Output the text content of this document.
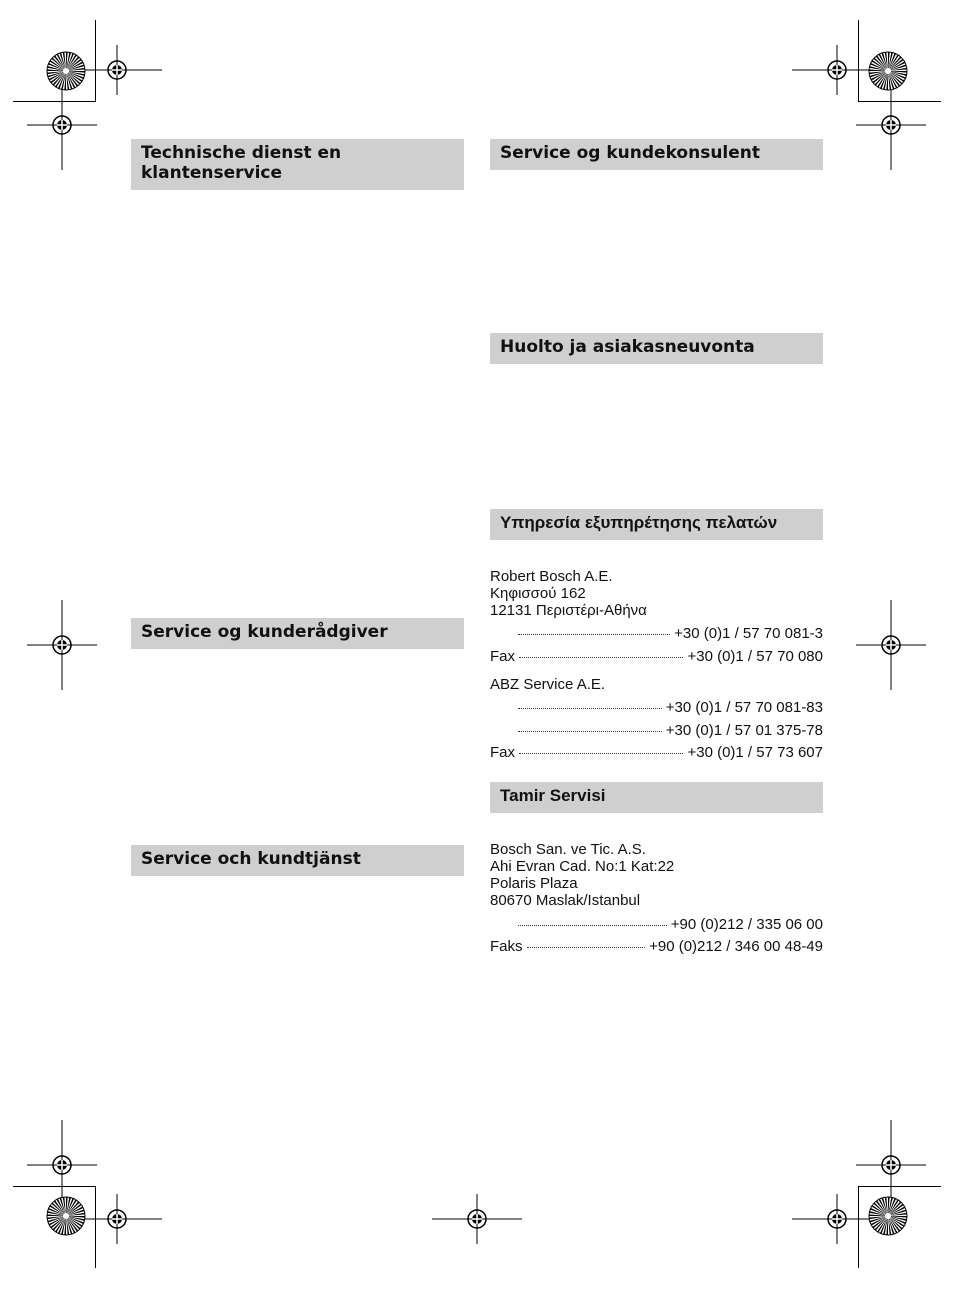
Technische dienst en klantenservice
Service og kundekonsulent
Huolto ja asiakasneuvonta
Υπηρεσία εξυπηρέτησης πελατών
Service og kunderådgiver
Service och kundtjänst
Tamir Servisi
Robert Bosch A.E.
Κηφισσού 162
12131 Περιστέρι-Αθήνα
+30 (0)1 / 57 70 081-3
Fax	+30 (0)1 / 57 70 080
ABZ Service A.E.
+30 (0)1 / 57 70 081-83
+30 (0)1 / 57 01 375-78
Fax	+30 (0)1 / 57 73 607
Bosch San. ve Tic. A.S.
Ahi Evran Cad. No:1 Kat:22
Polaris Plaza
80670 Maslak/Istanbul
+90 (0)212 / 335 06 00
Faks	+90 (0)212 / 346 00 48-49
